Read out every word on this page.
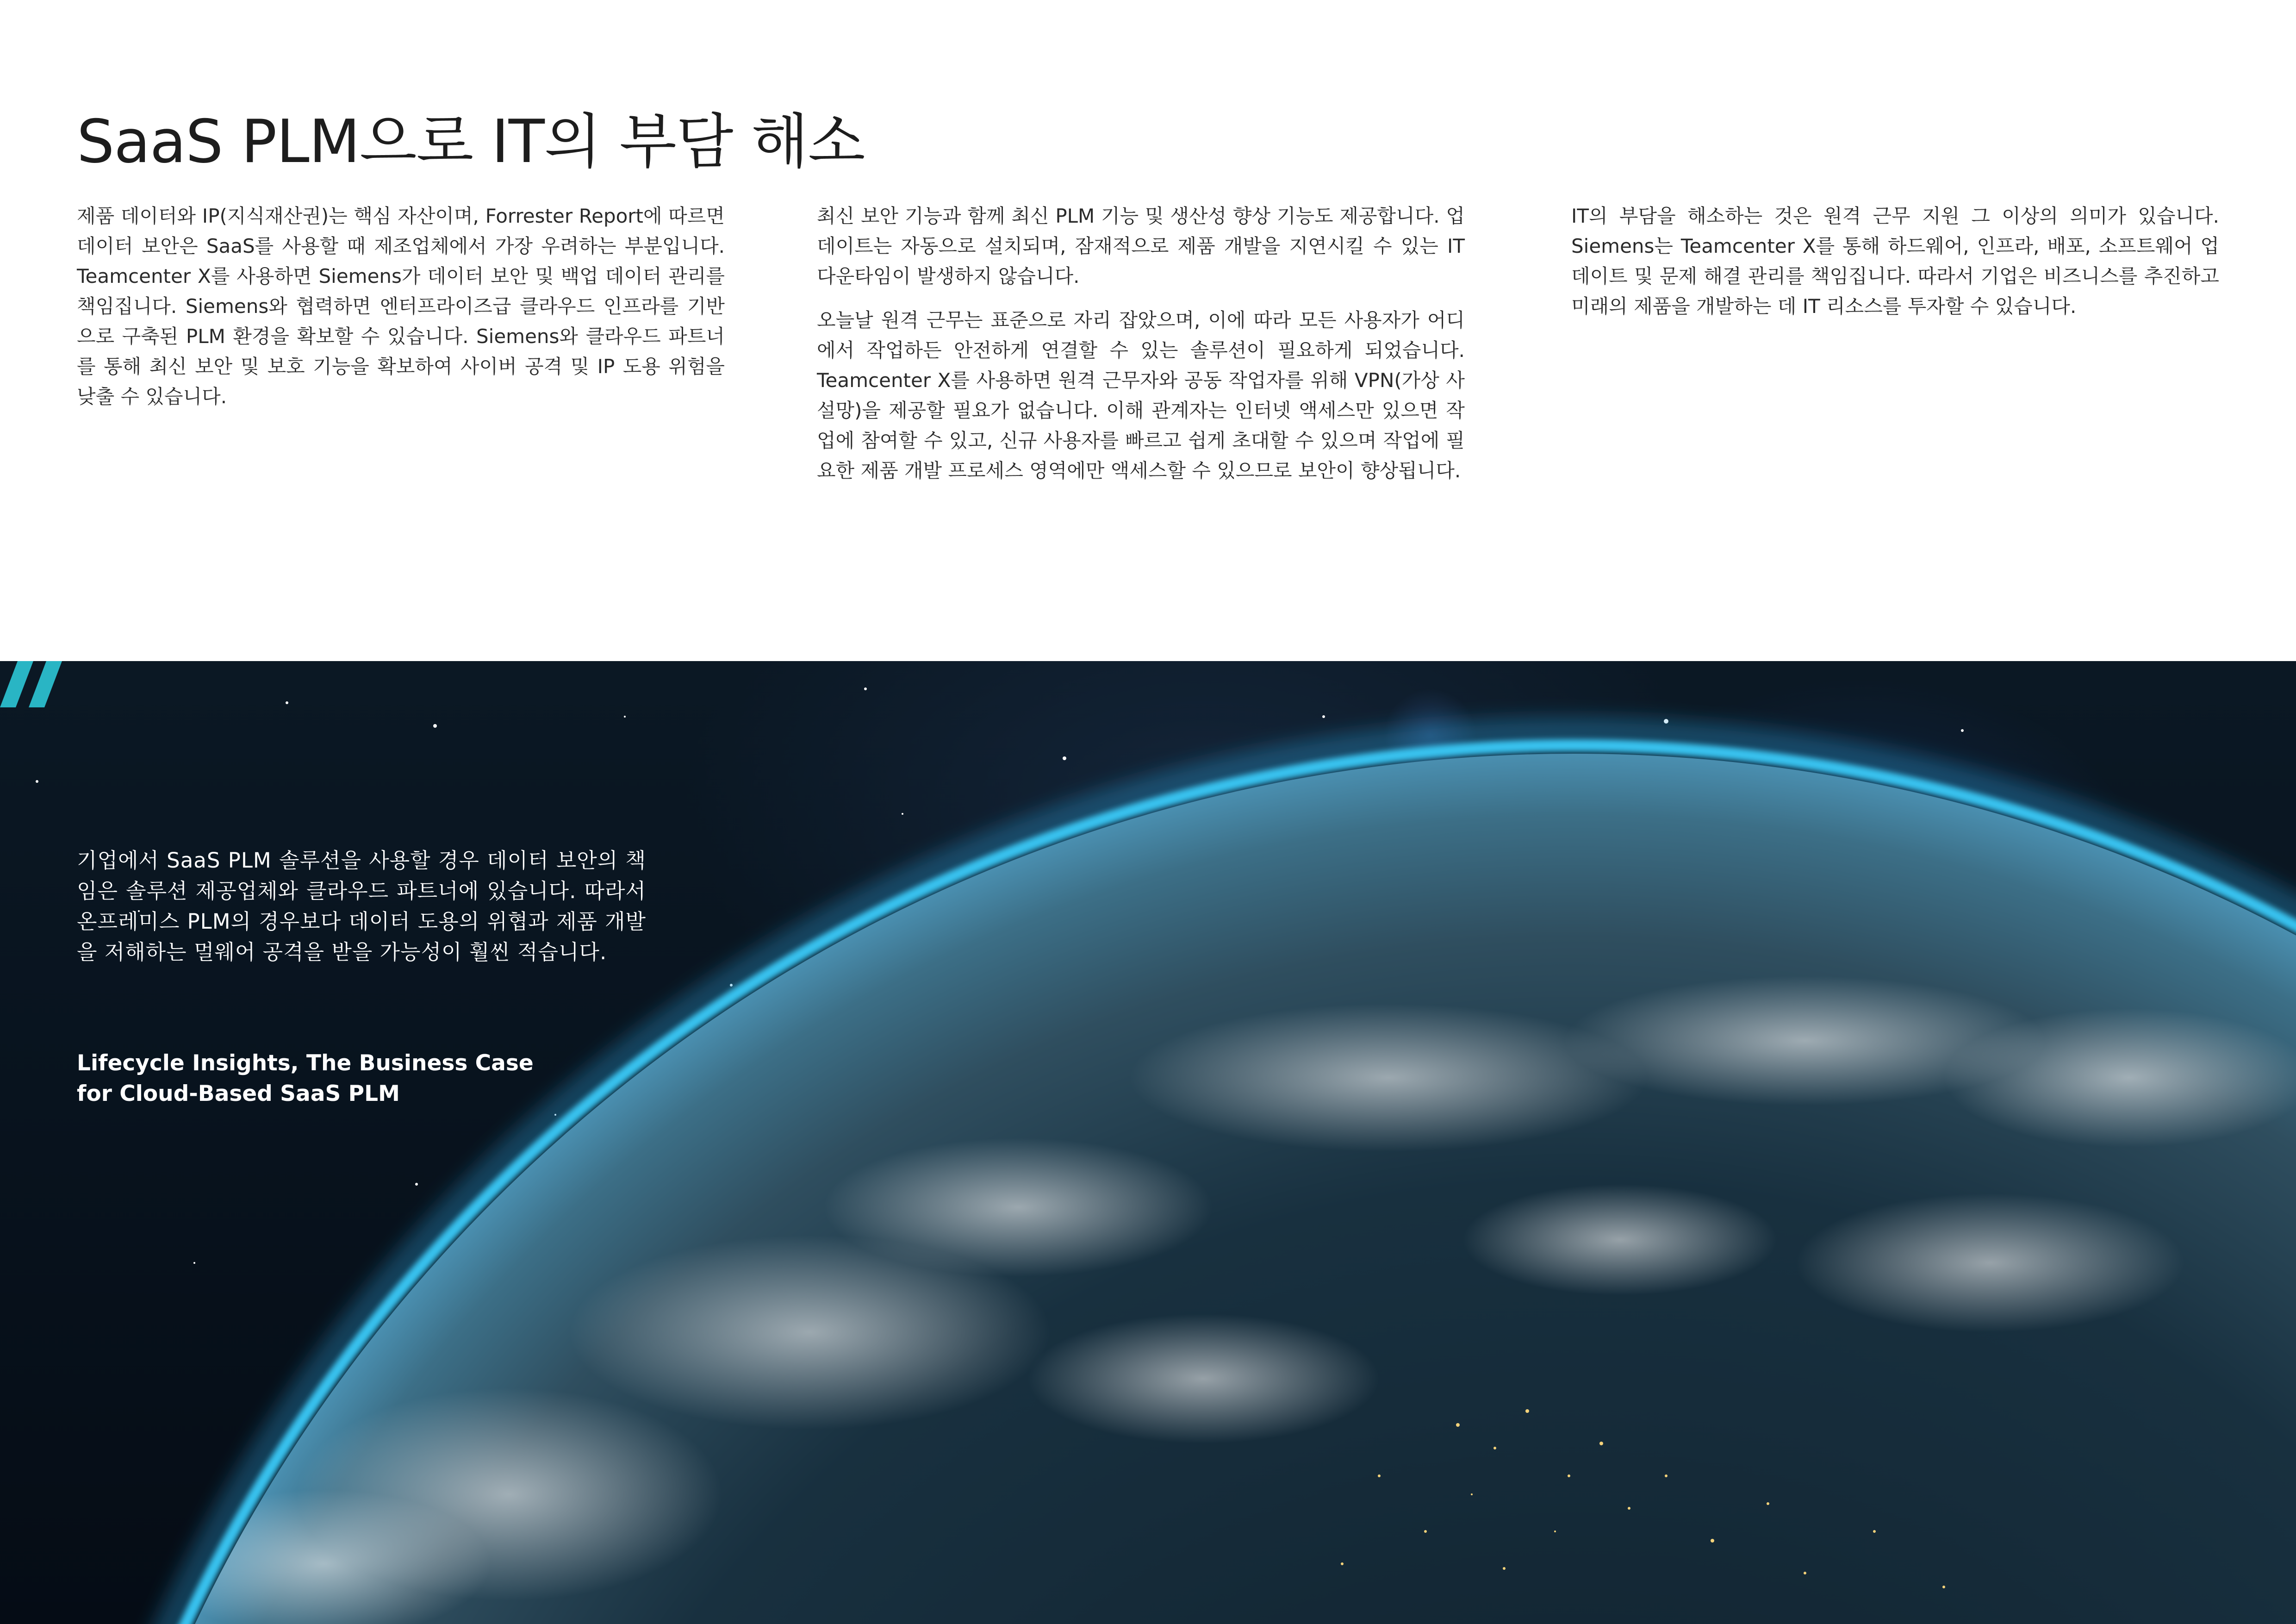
SaaS PLM으로 IT의 부담 해소

제품 데이터와 IP(지식재산권)는 핵심 자산이며, Forrester Report에 따르면 데이터 보안은 SaaS를 사용할 때 제조업체에서 가장 우려하는 부분입니다. Teamcenter X를 사용하면 Siemens가 데이터 보안 및 백업 데이터 관리를 책임집니다. Siemens와 협력하면 엔터프라이즈급 클라우드 인프라를 기반으로 구축된 PLM 환경을 확보할 수 있습니다. Siemens와 클라우드 파트너를 통해 최신 보안 및 보호 기능을 확보하여 사이버 공격 및 IP 도용 위험을 낮출 수 있습니다.

최신 보안 기능과 함께 최신 PLM 기능 및 생산성 향상 기능도 제공합니다. 업데이트는 자동으로 설치되며, 잠재적으로 제품 개발을 지연시킬 수 있는 IT 다운타임이 발생하지 않습니다.

오늘날 원격 근무는 표준으로 자리 잡았으며, 이에 따라 모든 사용자가 어디에서 작업하든 안전하게 연결할 수 있는 솔루션이 필요하게 되었습니다. Teamcenter X를 사용하면 원격 근무자와 공동 작업자를 위해 VPN(가상 사설망)을 제공할 필요가 없습니다. 이해 관계자는 인터넷 액세스만 있으면 작업에 참여할 수 있고, 신규 사용자를 빠르고 쉽게 초대할 수 있으며 작업에 필요한 제품 개발 프로세스 영역에만 액세스할 수 있으므로 보안이 향상됩니다.

IT의 부담을 해소하는 것은 원격 근무 지원 그 이상의 의미가 있습니다. Siemens는 Teamcenter X를 통해 하드웨어, 인프라, 배포, 소프트웨어 업데이트 및 문제 해결 관리를 책임집니다. 따라서 기업은 비즈니스를 추진하고 미래의 제품을 개발하는 데 IT 리소스를 투자할 수 있습니다.

기업에서 SaaS PLM 솔루션을 사용할 경우 데이터 보안의 책임은 솔루션 제공업체와 클라우드 파트너에 있습니다. 따라서 온프레미스 PLM의 경우보다 데이터 도용의 위협과 제품 개발을 저해하는 멀웨어 공격을 받을 가능성이 훨씬 적습니다.

Lifecycle Insights, The Business Case
for Cloud-Based SaaS PLM
